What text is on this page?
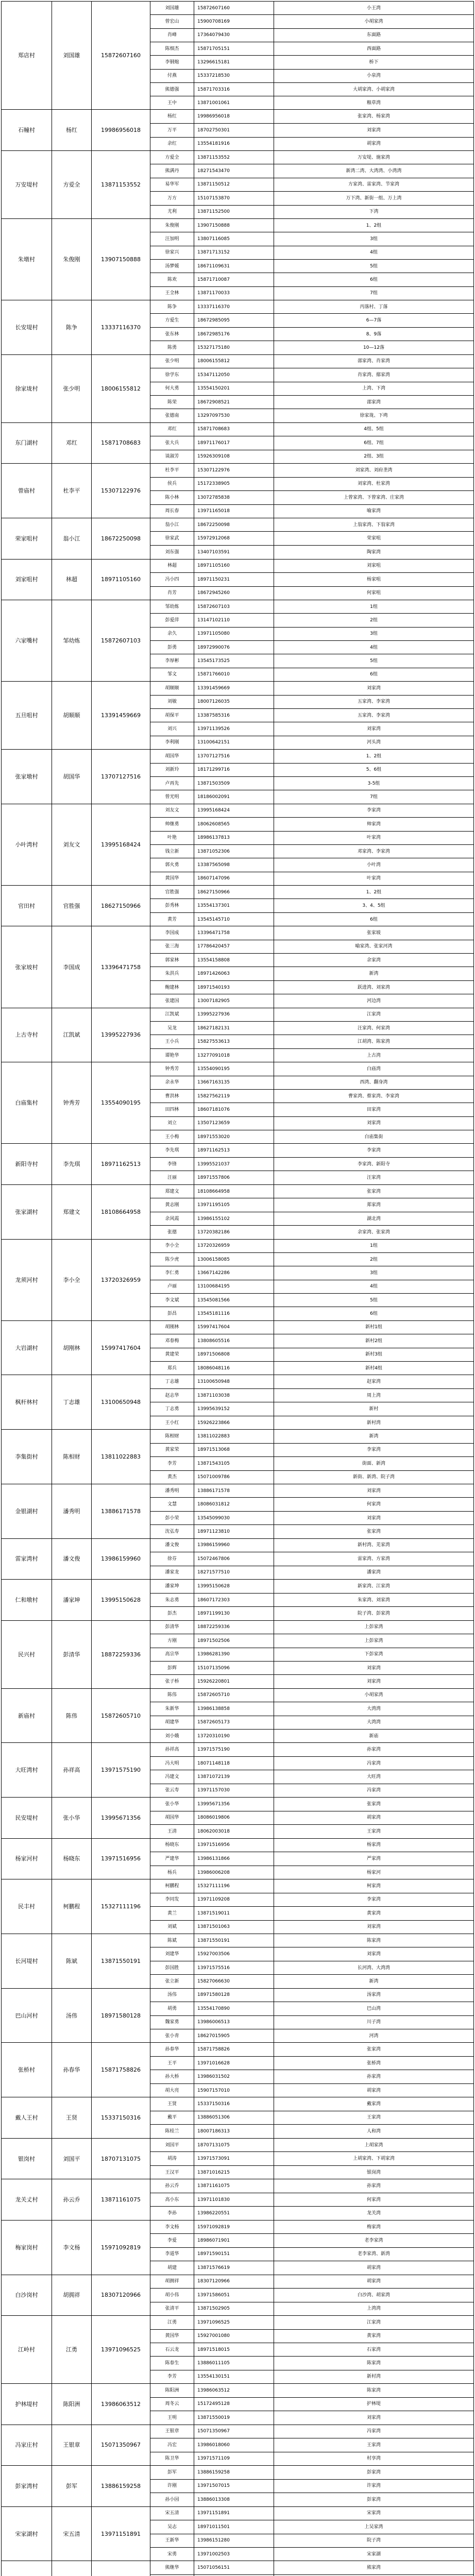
郑店村	刘国雄	15872607160
刘国雄	15872607160	小王湾
曾宏山	15900708169	小胡家湾
肖峰	17364079430	东面路
陈细杰	15871705151	西面路
李钢炮	13296615181	桥下
付燕	15337218530	小泉湾
熊德强	15871703316	大胡家湾、小胡家湾
王中	13871001061	粮草湾
石幢村	杨红	19986956018
杨红	19986956018	张家湾、杨家湾
万平	18702750301	刘家湾
余红	13554181916	胡家湾
万安堤村	方爱全	13871153552
方爱全	13871153552	万安堤、施家湾
熊满丹	18271543470	新湾二湾、大湾湾、小湾湾
易华军	13871150512	方家湾、雷家湾、节家湾
万方	15107153870	万下湾、新街一组、万上湾
尤利	13871152500	下湾
朱墩村	朱俊刚	13907150888
朱俊刚	13907150888	1、2组
汪加明	13807116085	3组
徐家兴	13871713152	4组
汤梦媛	18671109631	5组
陈欢	15871710087	6组
王全林	13871170033	7组
长安堤村	陈争	13337116370
陈争	13337116370	丙落村、丁落
方爱生	18672985095	6—7落
张东林	18672985176	8、9落
陈勇	15327175180	10—12落
徐家垅村	张少明	18006155812
张少明	18006155812	邵家湾、肖家湾
徐学东	15347112050	肖家湾、鄢家湾
何大勇	13554150201	上湾、下湾
陈荣	18672908521	邵家湾
张德南	13297097530	徐家垅、下塆
东门湖村	邓红	15871708683
邓红	15871708683	4组、5组
张大兵	18971176017	6组、7组
谈淑芳	15926309108	2组、3组
曾庙村	杜李平	15307122976
杜李平	15307122976	刘家湾、刘府垄湾
侯兵	15172338905	刘家湾、杜家湾
陈小林	13072785838	上曾家湾、下曾家湾、庄家湾
周长春	13971165018	喻家湾
荣家咀村	翁小江	18672250098
翁小江	18672250098	上翁家湾、下翁家湾
徐家武	15972912068	荣家咀
刘东强	13407103591	陶家湾
刘家咀村	林超	18971105160
林超	18971105160	刘家咀
冯小四	18971150231	杨家咀
肖芳	18672945260	何家咀
六家嘴村	邹幼炼	15872607103
邹幼炼	15872607103	1组
彭爱萍	13147102110	2组
余久	13971105080	3组
彭勇	18972990076	4组
李厚彬	13545173525	5组
邹文	15871766010	6组
五旦咀村	胡顺顺	13391459669
胡顺顺	13391459669	刘家湾
刘敏	18007126035	五家湾、李家湾
胡保平	13387585316	五家湾、李家湾
刘兴	13971139526	刘家湾
李利刚	13100642151	河头湾
张家墩村	胡国华	13707127516
胡国华	13707127516	1、2组
刘新玲	18171299716	5、6组
卢再先	13871503509	3-5组
曾光明	18186002091	7组
小叶湾村	刘友文	13995168424
刘友文	13995168424	李家湾
帅继勇	18062608565	帅家湾
叶艳	18986137813	叶家湾
钱立新	13871052306	邓家湾、李家湾
郭火勇	13387565098	小叶湾
黄国华	18607147096	叶家湾
官田村	官胜强	18627150966
官胜强	18627150966	1、2组
彭秀林	13554137301	3、4、5组
黄芳	13545145710	6组
张家坡村	李国成	13396471758
李国成	13396471758	张家坡
张三海	17786420457	喻家湾、张家河湾
郭家林	13554158808	余家湾
朱洪兵	18971426063	新湾
鲍建林	18971540193	跃进湾、刘家湾
张建国	13007182905	河边湾
上古寺村	江凯斌	13995227936
江凯斌	13995227936	江家湾
吴龙	18627182131	汪家湾、何家湾
王小兵	15827553613	江胡湾、陈家湾
谭艳华	13277091018	上古湾
白庙集村	钟秀芳	13554090195
钟秀芳	13554090195	白庙湾
余永华	13667163135	西湾、翻身湾
曹洪林	15827562119	曹家湾、蔡家湾、李家湾
田四林	18607181076	田家湾
刘立	13507123659	刘家湾
王小梅	18971553020	白庙集街
新阳寺村	李先琪	18971162513
李先琪	18971162513	李家湾
李锋	13995521037	李家湾、新阳寺
汪丽	18971557806	汪家湾
张家湖村	郑建文	18108664958
郑建文	18108664958	张家湾
黄志刚	13971195105	郑家湾
余风霞	13986155102	湖北湾
张德	13720382186	余家湾、张家湾
龙须河村	李小全	13720326959
李小全	13720326959	1组
陈少虎	13006158085	2组
李仁勇	13667142286	3组
卢丽	13100684195	4组
李文斌	13545081566	5组
彭昌	13545181116	6组
大岩湖村	胡刚林	15997417604
胡刚林	15997417604	新村1组
邓春梅	13808605516	新村2组
黄建荣	18971506808	新村3组
郑兵	18086048116	新村4组
枫杆林村	丁志雄	13100650948
丁志雄	13100650948	赵家湾
赵志华	13871103038	周上湾
丁志勇	13995639152	新村
王小红	15926223866	新村湾
李集街村	陈相财	13811022883
陈相财	13811022883	新湾
黄家荣	18971513068	李家湾
李芳	13871543105	街面、新湾
黄杰	15071009786	新街、新湾、院子湾
金银湖村	潘秀明	13886171578
潘秀明	13886171578	刘家湾
文慧	18086031812	何家湾
彭小荣	13545099030	刘家湾
沈弘寿	18971123810	张家湾
雷家湾村	潘文俊	13986159960
潘文俊	13986159960	新村湾、芜家湾
徐芬	15072467806	雷家湾、方家湾
潘家龙	18271577510	潘家湾
仁和墩村	潘家坤	13995150628
潘家坤	13995150628	新家湾、江家湾
朱志勇	18607172303	朱家湾、刘家湾
彭杰	18971199130	院子湾、彭家湾
民兴村	彭清华	18872259336
彭清华	18872259336	上彭家湾
方刚	18971502506	上彭家湾
高宗华	13986281390	下彭家湾
彭辉	15107135096	刘家湾
张子桥	15926220801	刘家湾
新庙村	陈伟	15872605710
陈伟	15872605710	小胡家湾
朱新华	13986138858	大湾湾
胡建华	15872605173	大湾湾
刘小娥	13720310190	新庙
大旺湾村	孙祥高	13971575190
孙祥高	13971575190	孙家湾
冯大明	18071148118	冯家湾
冯建文	13871072139	大旺湾
张云寿	13971157030	冯家湾
民安堤村	张小华	13995671356
张小华	13995671356	张家湾
胡国华	18086019806	胡家湾
王清	18062003018	王家湾
杨家河村	杨晓东	13971516956
杨晓东	13971516956	杨家湾
严建华	13986131866	严家湾
杨兵	13986006208	杨家河
民丰村	柯鹏程	15327111196
柯鹏程	15327111196	柯家湾
李同发	13971109208	李家湾
黄兰	13871519011	黄家湾
刘斌	13871501063	刘家湾
长河堤村	陈斌	13871550191
陈斌	13871550191	陈家湾
刘建华	15927003506	刘家湾
彭国胜	13971575516	长河湾、大湾湾
张立新	15827066630	新湾
巴山河村	汤伟	18971580128
汤伟	18971580128	汤家湾
胡勇	13554170890	巴山湾
魏家勇	13986006513	川子湾
张小青	18627015905	河湾
张桥村	孙春华	15871758826
孙春华	15871758826	张家湾
王平	13971016628	张桥湾
孙大桥	13986031502	孙家湾
胡大亮	15907157010	胡家湾
戴人王村	王贤	15337150316
王贤	15337150316	戴家湾
戴平	13886051306	王家湾
陈桂兰	18007186313	人和湾
银岗村	刘国平	18707131075
刘国平	18707131075	上胡家湾
胡涛	13971573091	上胡家湾、下胡家湾
王汉平	13871016215	银岗湾
龙关丈村	孙云乔	13871161075
孙云乔	13871161075	孙家湾
高小东	13971101830	何家湾
李孙	13986220551	龙关湾
梅家岗村	李文杨	15971092819
李文杨	15971092819	梅家湾
李爱	18986071901	老李家湾
李道华	18971590151	老李家湾、新湾
胡建	13871576619	胡家湾
白沙岗村	胡拥祥	18307120966
胡拥祥	18307120966	胡家湾
胡小伟	13971586051	白沙湾、胡家湾
张清平	13871502905	上湾湾
江岭村	江勇	13971096525
江勇	13971096525	江家湾
黄国华	15927001080	黄家湾
石云龙	18971518015	石家湾
陈春生	13886011105	陈家湾
李芳	13554130151	新村湾
护林堤村	陈阳洲	13986063512
陈阳洲	13986063512	陈家湾
周冬云	15172495128	护林堤
王明	13871550019	刘家湾
冯家庄村	王银章	15071350967
王银章	15071350967	冯家湾
冯宏	13986018060	王家湾
陈卫华	13971571109	村享湾
彭家湾村	彭军	13886159258
彭军	13886159258	彭家湾
许刚	13971507015	许家湾
孙小园	13886013308	彭家湾
宋家湖村	宋五清	13971151891
宋五清	13971151891	宋家湾
吴志	18971011501	上吴家湾
王新华	13986151280	院子湾
宋勇	13971002503	宋家湖
熊继华	15071056151	熊家湾
